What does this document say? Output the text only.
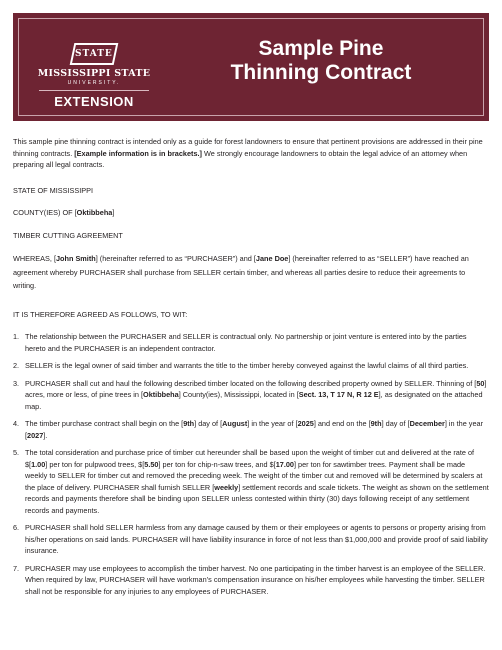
STATE
MISSISSIPPI STATE
UNIVERSITY.
EXTENSION
Sample Pine
Thinning Contract

This sample pine thinning contract is intended only as a guide for forest landowners to ensure that pertinent provisions are addressed in their pine thinning contracts. [Example information is in brackets.] We strongly encourage landowners to obtain the legal advice of an attorney when preparing all legal contracts.

STATE OF MISSISSIPPI

COUNTY(IES) OF [Oktibbeha]

TIMBER CUTTING AGREEMENT

WHEREAS, [John Smith] (hereinafter referred to as “PURCHASER”) and [Jane Doe] (hereinafter referred to as “SELLER”) have reached an agreement whereby PURCHASER shall purchase from SELLER certain timber, and whereas all parties desire to reduce their agreements to writing.

IT IS THEREFORE AGREED AS FOLLOWS, TO WIT:

1. The relationship between the PURCHASER and SELLER is contractual only. No partnership or joint venture is entered into by the parties hereto and the PURCHASER is an independent contractor.
2. SELLER is the legal owner of said timber and warrants the title to the timber hereby conveyed against the lawful claims of all third parties.
3. PURCHASER shall cut and haul the following described timber located on the following described property owned by SELLER. Thinning of [50] acres, more or less, of pine trees in [Oktibbeha] County(ies), Mississippi, located in [Sect. 13, T 17 N, R 12 E], as designated on the attached map.
4. The timber purchase contract shall begin on the [9th] day of [August] in the year of [2025] and end on the [9th] day of [December] in the year [2027].
5. The total consideration and purchase price of timber cut hereunder shall be based upon the weight of timber cut and delivered at the rate of $[1.00] per ton for pulpwood trees, $[5.50] per ton for chip-n-saw trees, and $[17.00] per ton for sawtimber trees. Payment shall be made weekly to SELLER for timber cut and removed the preceding week. The weight of the timber cut and removed will be determined by scalers at the place of delivery. PURCHASER shall furnish SELLER [weekly] settlement records and scale tickets. The weight as shown on the settlement records and payments therefore shall be binding upon SELLER unless contested within thirty (30) days following receipt of any settlement records and payments.
6. PURCHASER shall hold SELLER harmless from any damage caused by them or their employees or agents to persons or property arising from his/her operations on said lands. PURCHASER will have liability insurance in force of not less than $1,000,000 and provide proof of said liability insurance.
7. PURCHASER may use employees to accomplish the timber harvest. No one participating in the timber harvest is an employee of the SELLER. When required by law, PURCHASER will have workman’s compensation insurance on his/her employees while harvesting the timber. SELLER shall not be responsible for any injuries to any employees of PURCHASER.
